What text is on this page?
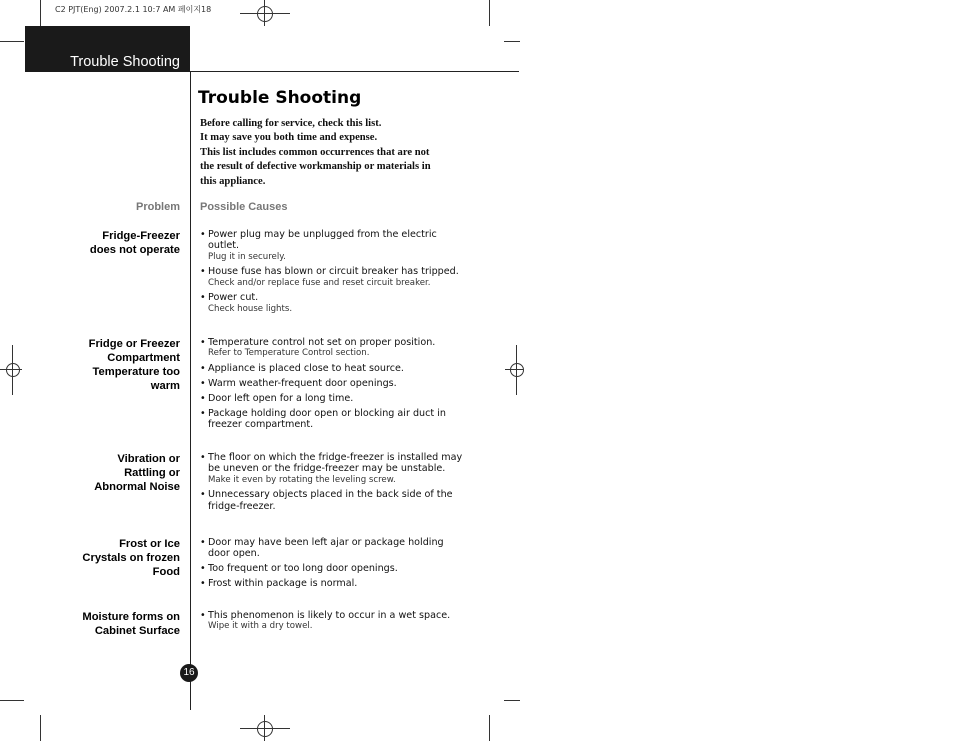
C2 PJT(Eng) 2007.2.1 10:7 AM 페이지18
Trouble Shooting
Trouble Shooting
Before calling for service, check this list.
It may save you both time and expense.
This list includes common occurrences that are not
the result of defective workmanship or materials in
this appliance.
Problem Possible Causes
Fridge-Freezer
does not operate
• Power plug may be unplugged from the electric outlet.
Plug it in securely.
• House fuse has blown or circuit breaker has tripped.
Check and/or replace fuse and reset circuit breaker.
• Power cut.
Check house lights.
Fridge or Freezer
Compartment
Temperature too
warm
• Temperature control not set on proper position.
Refer to Temperature Control section.
• Appliance is placed close to heat source.
• Warm weather-frequent door openings.
• Door left open for a long time.
• Package holding door open or blocking air duct in freezer compartment.
Vibration or
Rattling or
Abnormal Noise
• The floor on which the fridge-freezer is installed may be uneven or the fridge-freezer may be unstable.
Make it even by rotating the leveling screw.
• Unnecessary objects placed in the back side of the fridge-freezer.
Frost or Ice
Crystals on frozen
Food
• Door may have been left ajar or package holding door open.
• Too frequent or too long door openings.
• Frost within package is normal.
Moisture forms on
Cabinet Surface
• This phenomenon is likely to occur in a wet space.
Wipe it with a dry towel.
16
